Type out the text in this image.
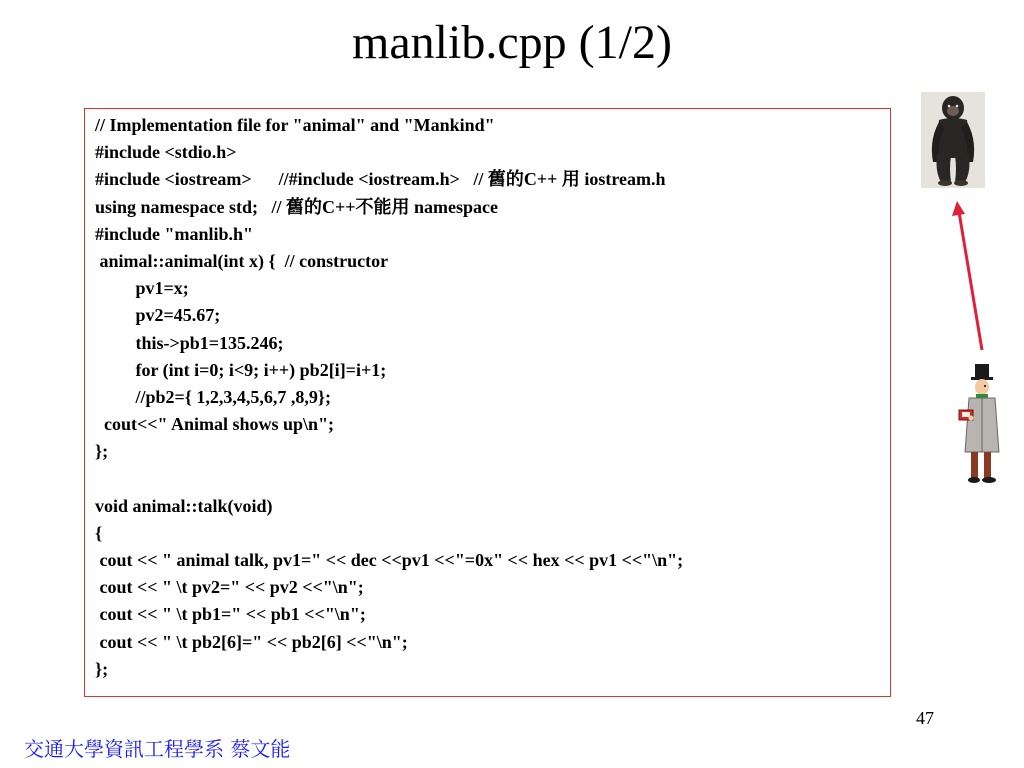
manlib.cpp (1/2)
// Implementation file for "animal" and "Mankind"
#include <stdio.h>
#include <iostream>      //#include <iostream.h>   // 舊的C++ 用 iostream.h
using namespace std;   // 舊的C++不能用 namespace
#include "manlib.h"
animal::animal(int x) {  // constructor
pv1=x;
pv2=45.67;
this->pb1=135.246;
for (int i=0; i<9; i++) pb2[i]=i+1;
//pb2={ 1,2,3,4,5,6,7 ,8,9};
cout<<" Animal shows up\n";
};
void animal::talk(void)
{
cout << " animal talk, pv1=" << dec <<pv1 <<"=0x" << hex << pv1 <<"\n";
cout << " \t pv2=" << pv2 <<"\n";
cout << " \t pb1=" << pb1 <<"\n";
cout << " \t pb2[6]=" << pb2[6] <<"\n";
};
47
交通大學資訊工程學系 蔡文能
